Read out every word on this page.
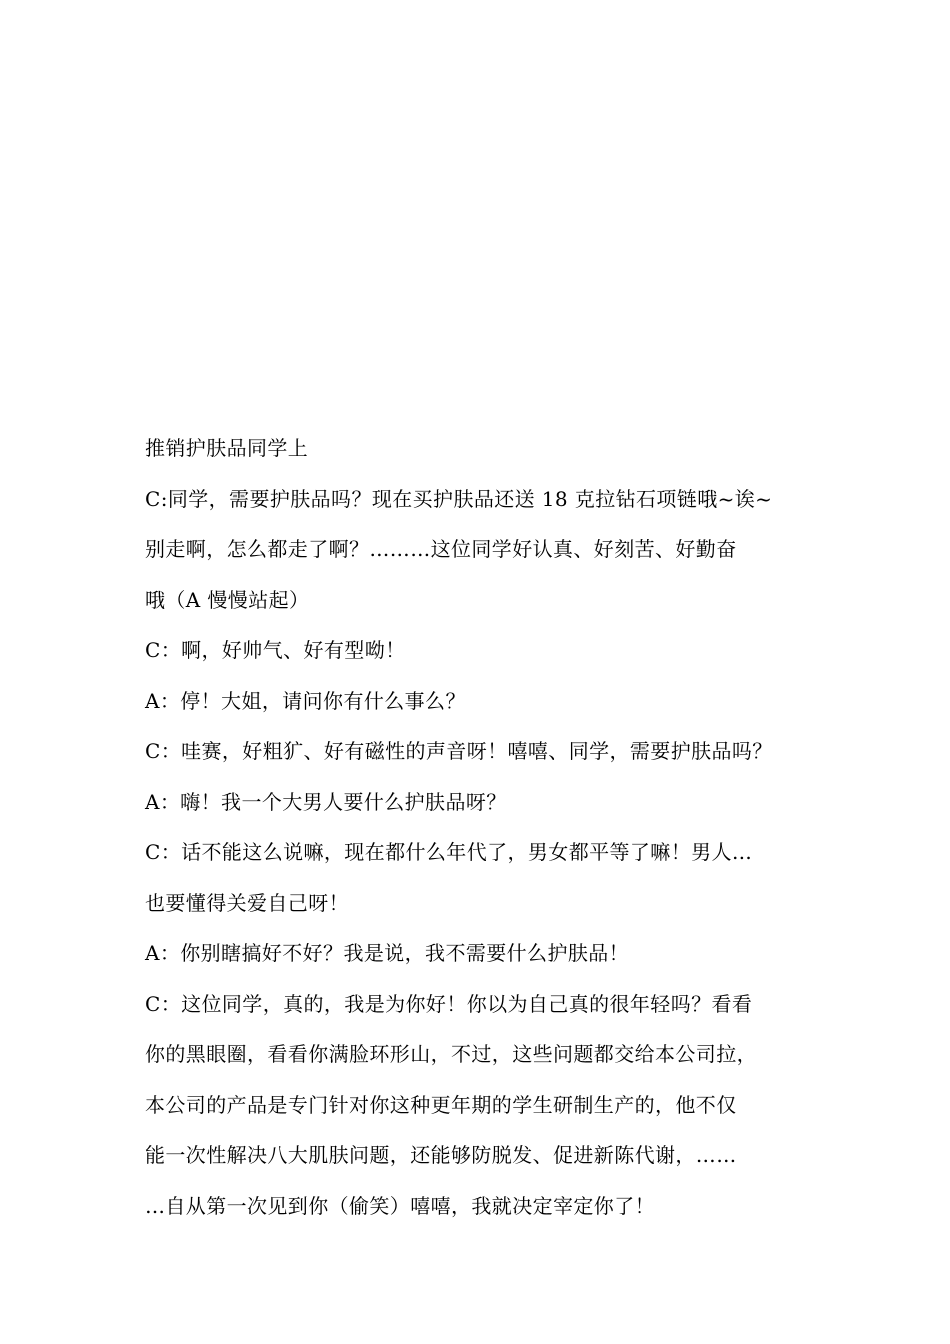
推销护肤品同学上
C:同学，需要护肤品吗？现在买护肤品还送 18 克拉钻石项链哦~诶~
别走啊，怎么都走了啊？………这位同学好认真、好刻苦、好勤奋
哦（A 慢慢站起）
C：啊，好帅气、好有型呦！
A：停！大姐，请问你有什么事么？
C：哇赛，好粗犷、好有磁性的声音呀！嘻嘻、同学，需要护肤品吗？
A：嗨！我一个大男人要什么护肤品呀？
C：话不能这么说嘛，现在都什么年代了，男女都平等了嘛！男人…
也要懂得关爱自己呀！
A：你别瞎搞好不好？我是说，我不需要什么护肤品！
C：这位同学，真的，我是为你好！你以为自己真的很年轻吗？看看
你的黑眼圈，看看你满脸环形山，不过，这些问题都交给本公司拉，
本公司的产品是专门针对你这种更年期的学生研制生产的，他不仅
能一次性解决八大肌肤问题，还能够防脱发、促进新陈代谢，……
…自从第一次见到你（偷笑）嘻嘻，我就决定宰定你了！
